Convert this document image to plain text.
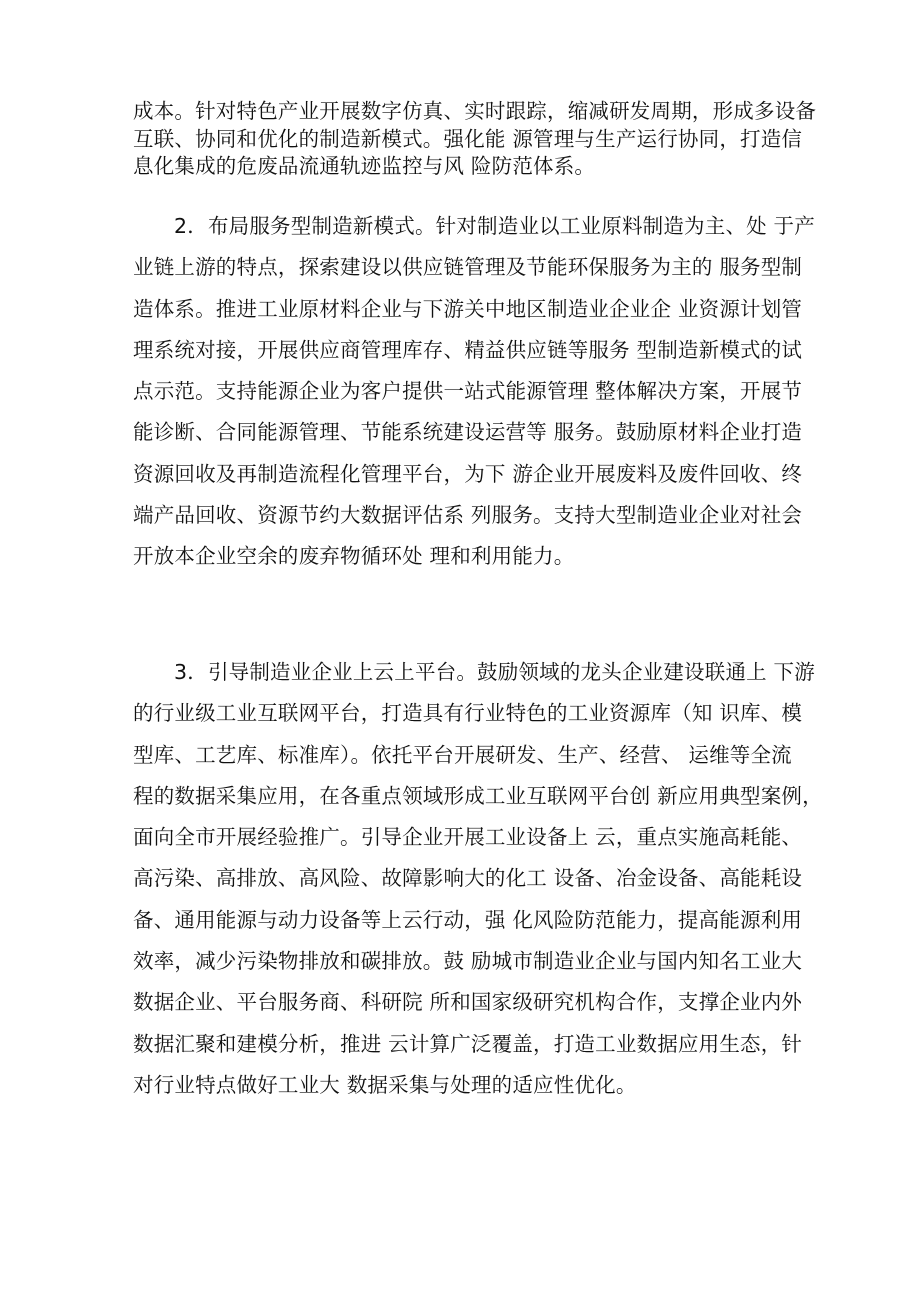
成本。针对特色产业开展数字仿真、实时跟踪，缩减研发周期，形成多设备
互联、协同和优化的制造新模式。强化能 源管理与生产运行协同，打造信
息化集成的危废品流通轨迹监控与风 险防范体系。
2．布局服务型制造新模式。针对制造业以工业原料制造为主、处 于产
业链上游的特点，探索建设以供应链管理及节能环保服务为主的 服务型制
造体系。推进工业原材料企业与下游关中地区制造业企业企 业资源计划管
理系统对接，开展供应商管理库存、精益供应链等服务 型制造新模式的试
点示范。支持能源企业为客户提供一站式能源管理 整体解决方案，开展节
能诊断、合同能源管理、节能系统建设运营等 服务。鼓励原材料企业打造
资源回收及再制造流程化管理平台，为下 游企业开展废料及废件回收、终
端产品回收、资源节约大数据评估系 列服务。支持大型制造业企业对社会
开放本企业空余的废弃物循环处 理和利用能力。
3．引导制造业企业上云上平台。鼓励领域的龙头企业建设联通上 下游
的行业级工业互联网平台，打造具有行业特色的工业资源库（知 识库、模
型库、工艺库、标准库）。依托平台开展研发、生产、经营、 运维等全流
程的数据采集应用，在各重点领域形成工业互联网平台创 新应用典型案例，
面向全市开展经验推广。引导企业开展工业设备上 云，重点实施高耗能、
高污染、高排放、高风险、故障影响大的化工 设备、冶金设备、高能耗设
备、通用能源与动力设备等上云行动，强 化风险防范能力，提高能源利用
效率，减少污染物排放和碳排放。鼓 励城市制造业企业与国内知名工业大
数据企业、平台服务商、科研院 所和国家级研究机构合作，支撑企业内外
数据汇聚和建模分析，推进 云计算广泛覆盖，打造工业数据应用生态，针
对行业特点做好工业大 数据采集与处理的适应性优化。
